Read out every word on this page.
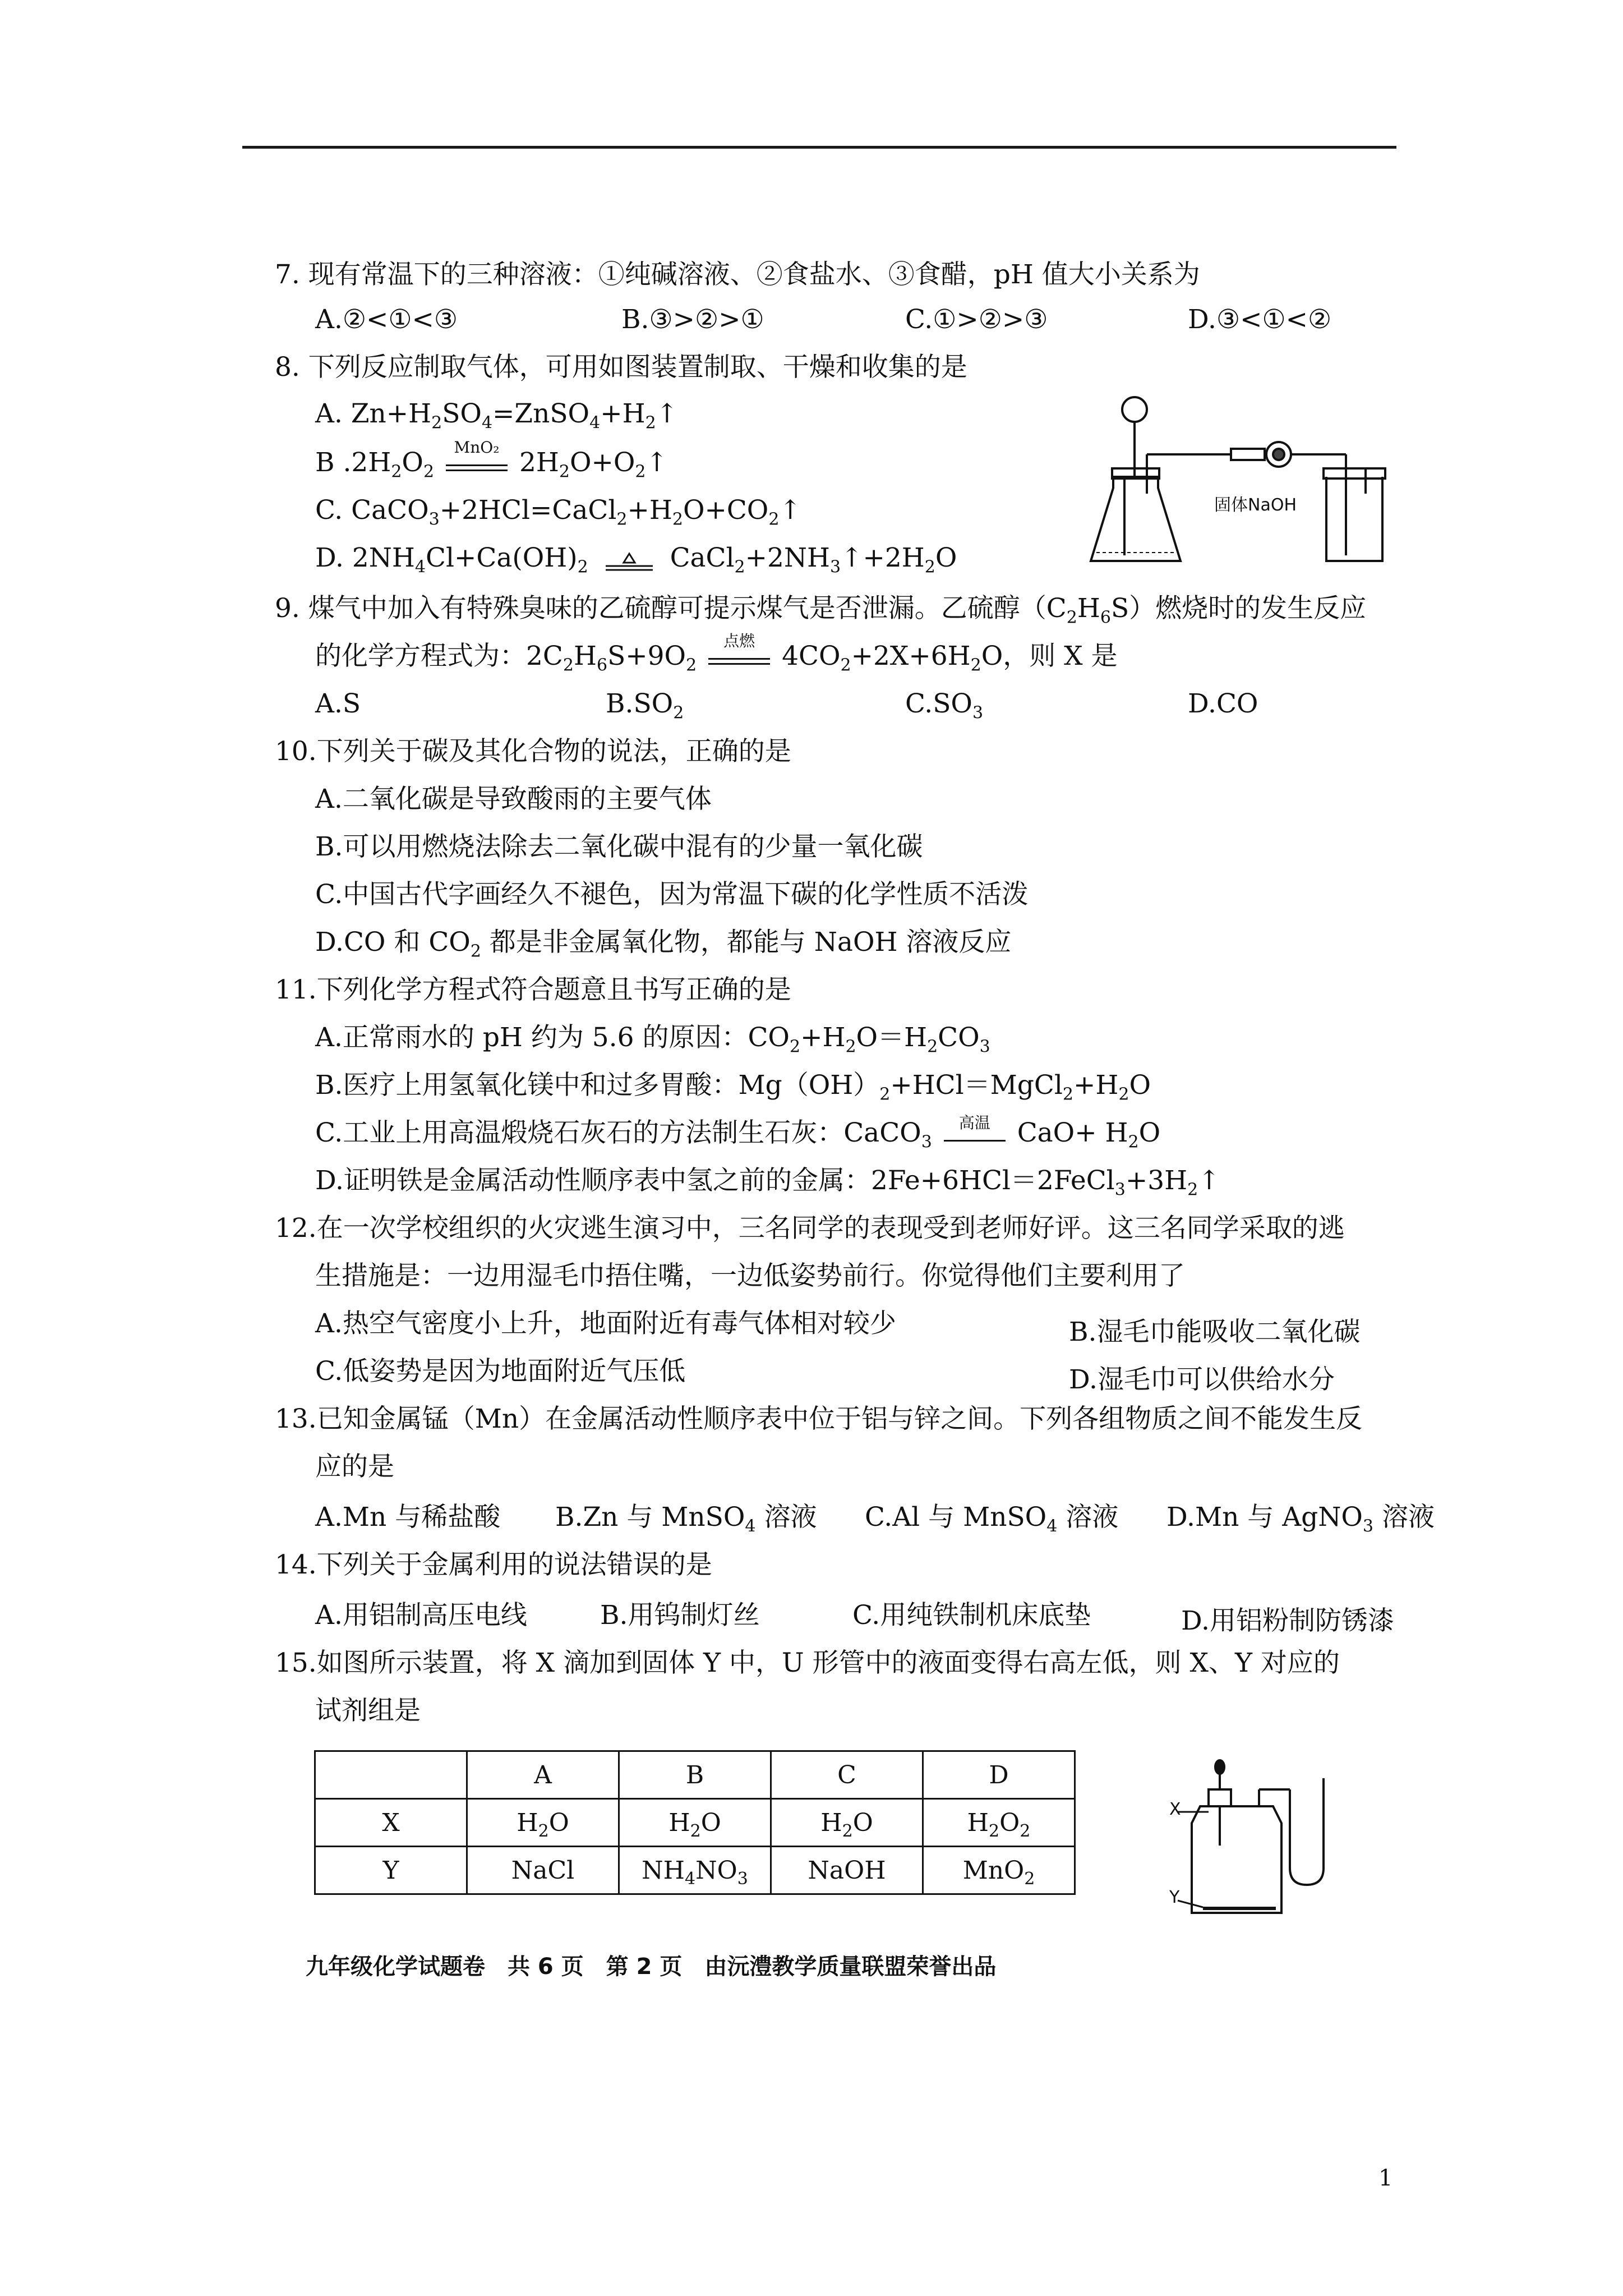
7. 现有常温下的三种溶液：①纯碱溶液、②食盐水、③食醋，pH 值大小关系为
A.②<①<③	B.③>②>①	C.①>②>③	D.③<①<②
8. 下列反应制取气体，可用如图装置制取、干燥和收集的是
A. $Zn+H_2SO_4=ZnSO_4+H_2↑$
B $.2H_2O_2$
MnO₂ $2H_2O+O_2↑$
C. $CaCO_3+2HCl=CaCl_2+H_2O+CO_2↑$
D. $2NH_4Cl+Ca(OH)_2$	$CaCl_2+2NH_3↑+2H_2O$
固体NaOH
9. 煤气中加入有特殊臭味的乙硫醇可提示煤气是否泄漏。乙硫醇$(C_2H_6S)$燃烧时的发生反应
的化学方程式为：$2C_2H_6S+9O_2$
点燃	$4CO_2+2X+6H_2O$，则 X 是
A.S	$B.SO_2$	$C.SO_3$	D.CO
10.下列关于碳及其化合物的说法，正确的是
A.二氧化碳是导致酸雨的主要气体
B.可以用燃烧法除去二氧化碳中混有的少量一氧化碳
C.中国古代字画经久不褪色，因为常温下碳的化学性质不活泼
D.CO 和 $CO_2$ 都是非金属氧化物，都能与 NaOH 溶液反应
11.下列化学方程式符合题意且书写正确的是
A.正常雨水的 pH 约为 5.6 的原因：$CO_2+H_2O=H_2CO_3$
B.医疗上用氢氧化镁中和过多胃酸：$Mg(OH)_2+HCl=MgCl_2+H_2O$
C.工业上用高温煅烧石灰石的方法制生石灰：CaCO$_3$
高温	$CaO+ H_2O$
D.证明铁是金属活动性顺序表中氢之前的金属：$2Fe+6HCl=2FeCl_3+3H_2↑$
12.在一次学校组织的火灾逃生演习中，三名同学的表现受到老师好评。这三名同学采取的逃
生措施是：一边用湿毛巾捂住嘴，一边低姿势前行。你觉得他们主要利用了
A.热空气密度小上升，地面附近有毒气体相对较少	B.湿毛巾能吸收二氧化碳
C.低姿势是因为地面附近气压低	D.湿毛巾可以供给水分
13.已知金属锰（Mn）在金属活动性顺序表中位于铝与锌之间。下列各组物质之间不能发生反
应的是
A.Mn 与稀盐酸 B.Zn 与 MnSO$_4$ 溶液 C.Al 与 MnSO$_4$ 溶液 D.Mn 与 AgNO$_3$ 溶液
14.下列关于金属利用的说法错误的是
A.用铝制高压电线	B.用钨制灯丝	C.用纯铁制机床底垫	D.用铝粉制防锈漆
15.如图所示装置，将 X 滴加到固体 Y 中，U 形管中的液面变得右高左低，则 X、Y 对应的
试剂组是
	A	B	C	D
X	$H_2O$	$H_2O$	$H_2O$	$H_2O_2$
Y	NaCl	$NH_4NO_3$	NaOH	MnO$_2$
X
Y
九年级化学试题卷　共 6 页　第 2 页　由沅澧教学质量联盟荣誉出品
1
